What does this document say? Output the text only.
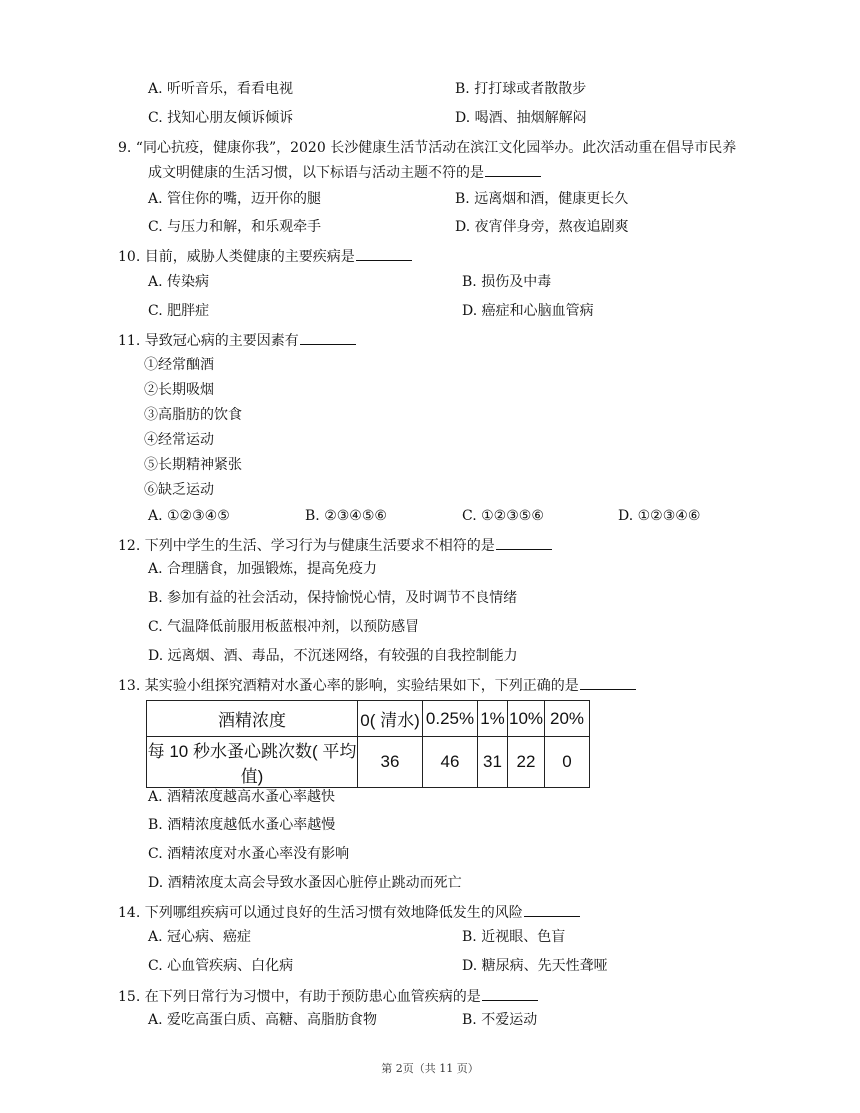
A. 听听音乐，看看电视	B. 打打球或者散散步
C. 找知心朋友倾诉倾诉	D. 喝酒、抽烟解解闷
9. “同心抗疫，健康你我”，2020 长沙健康生活节活动在滨江文化园举办。此次活动重在倡导市民养
成文明健康的生活习惯，以下标语与活动主题不符的是
A. 管住你的嘴，迈开你的腿	B. 远离烟和酒，健康更长久
C. 与压力和解，和乐观牵手	D. 夜宵伴身旁，熬夜追剧爽
10. 目前，威胁人类健康的主要疾病是
A. 传染病	B. 损伤及中毒
C. 肥胖症	D. 癌症和心脑血管病
11. 导致冠心病的主要因素有
①经常酗酒
②长期吸烟
③高脂肪的饮食
④经常运动
⑤长期精神紧张
⑥缺乏运动
A. ①②③④⑤	B. ②③④⑤⑥	C. ①②③⑤⑥	D. ①②③④⑥
12. 下列中学生的生活、学习行为与健康生活要求不相符的是
A. 合理膳食，加强锻炼，提高免疫力
B. 参加有益的社会活动，保持愉悦心情，及时调节不良情绪
C. 气温降低前服用板蓝根冲剂，以预防感冒
D. 远离烟、酒、毒品，不沉迷网络，有较强的自我控制能力
13. 某实验小组探究酒精对水蚤心率的影响，实验结果如下，下列正确的是
酒精浓度	0( 清水)	0.25%	1%	10%	20%
每 10 秒水蚤心跳次数( 平均值)	36	46	31	22	0
A. 酒精浓度越高水蚤心率越快
B. 酒精浓度越低水蚤心率越慢
C. 酒精浓度对水蚤心率没有影响
D. 酒精浓度太高会导致水蚤因心脏停止跳动而死亡
14. 下列哪组疾病可以通过良好的生活习惯有效地降低发生的风险
A. 冠心病、癌症	B. 近视眼、色盲
C. 心血管疾病、白化病	D. 糖尿病、先天性聋哑
15. 在下列日常行为习惯中，有助于预防患心血管疾病的是
A. 爱吃高蛋白质、高糖、高脂肪食物	B. 不爱运动
第 2页（共 11 页）
